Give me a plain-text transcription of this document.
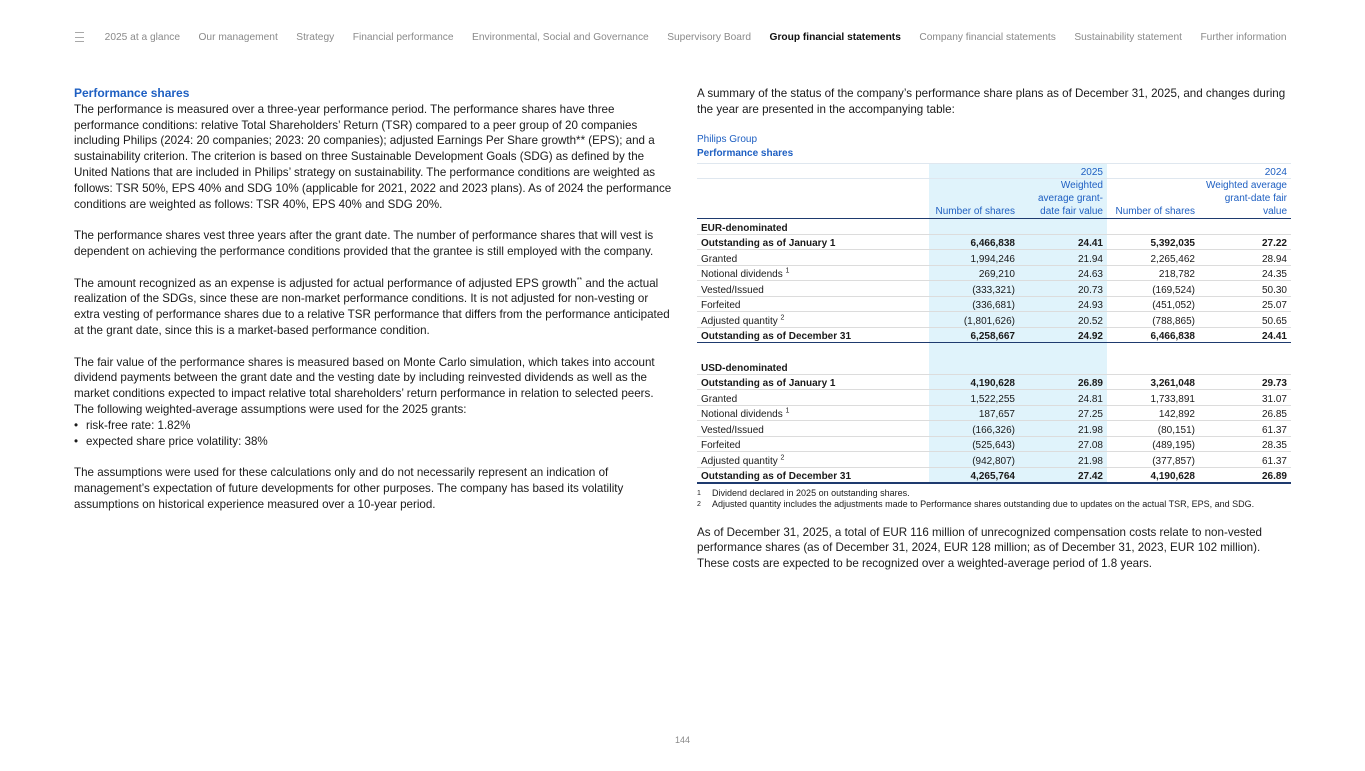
2025 at a glance Our management Strategy Financial performance Environmental, Social and Governance Supervisory Board Group financial statements Company financial statements Sustainability statement Further information
Performance shares

The performance is measured over a three-year performance period. The performance shares have three performance conditions: relative Total Shareholders’ Return (TSR) compared to a peer group of 20 companies including Philips (2024: 20 companies; 2023: 20 companies); adjusted Earnings Per Share growth** (EPS); and a sustainability criterion. The criterion is based on three Sustainable Development Goals (SDG) as defined by the United Nations that are included in Philips’ strategy on sustainability. The performance conditions are weighted as follows: TSR 50%, EPS 40% and SDG 10% (applicable for 2021, 2022 and 2023 plans). As of 2024 the performance conditions are weighted as follows: TSR 40%, EPS 40% and SDG 20%.

The performance shares vest three years after the grant date. The number of performance shares that will vest is dependent on achieving the performance conditions provided that the grantee is still employed with the company.

The amount recognized as an expense is adjusted for actual performance of adjusted EPS growth** and the actual realization of the SDGs, since these are non-market performance conditions. It is not adjusted for non-vesting or extra vesting of performance shares due to a relative TSR performance that differs from the performance anticipated at the grant date, since this is a market-based performance condition.

The fair value of the performance shares is measured based on Monte Carlo simulation, which takes into account dividend payments between the grant date and the vesting date by including reinvested dividends as well as the market conditions expected to impact relative total shareholders’ return performance in relation to selected peers. The following weighted-average assumptions were used for the 2025 grants:

• risk-free rate: 1.82%
• expected share price volatility: 38%

The assumptions were used for these calculations only and do not necessarily represent an indication of management’s expectation of future developments for other purposes. The company has based its volatility assumptions on historical experience measured over a 10-year period.

A summary of the status of the company’s performance share plans as of December 31, 2025, and changes during the year are presented in the accompanying table:

Philips Group
Performance shares
		2025		2024
	Number of shares	Weighted average grant-date fair value	Number of shares	Weighted average grant-date fair value
EUR-denominated				
Outstanding as of January 1	6,466,838	24.41	5,392,035	27.22
Granted	1,994,246	21.94	2,265,462	28.94
Notional dividends $^1$	269,210	24.63	218,782	24.35
Vested/Issued	(333,321)	20.73	(169,524)	50.30
Forfeited	(336,681)	24.93	(451,052)	25.07
Adjusted quantity $^2$	(1,801,626)	20.52	(788,865)	50.65
Outstanding as of December 31	6,258,667	24.92	6,466,838	24.41

USD-denominated				
Outstanding as of January 1	4,190,628	26.89	3,261,048	29.73
Granted	1,522,255	24.81	1,733,891	31.07
Notional dividends $^1$	187,657	27.25	142,892	26.85
Vested/Issued	(166,326)	21.98	(80,151)	61.37
Forfeited	(525,643)	27.08	(489,195)	28.35
Adjusted quantity $^2$	(942,807)	21.98	(377,857)	61.37
Outstanding as of December 31	4,265,764	27.42	4,190,628	26.89
1	Dividend declared in 2025 on outstanding shares.
2	Adjusted quantity includes the adjustments made to Performance shares outstanding due to updates on the actual TSR, EPS, and SDG.

As of December 31, 2025, a total of EUR 116 million of unrecognized compensation costs relate to non-vested performance shares (as of December 31, 2024, EUR 128 million; as of December 31, 2023, EUR 102 million). These costs are expected to be recognized over a weighted-average period of 1.8 years.

144
